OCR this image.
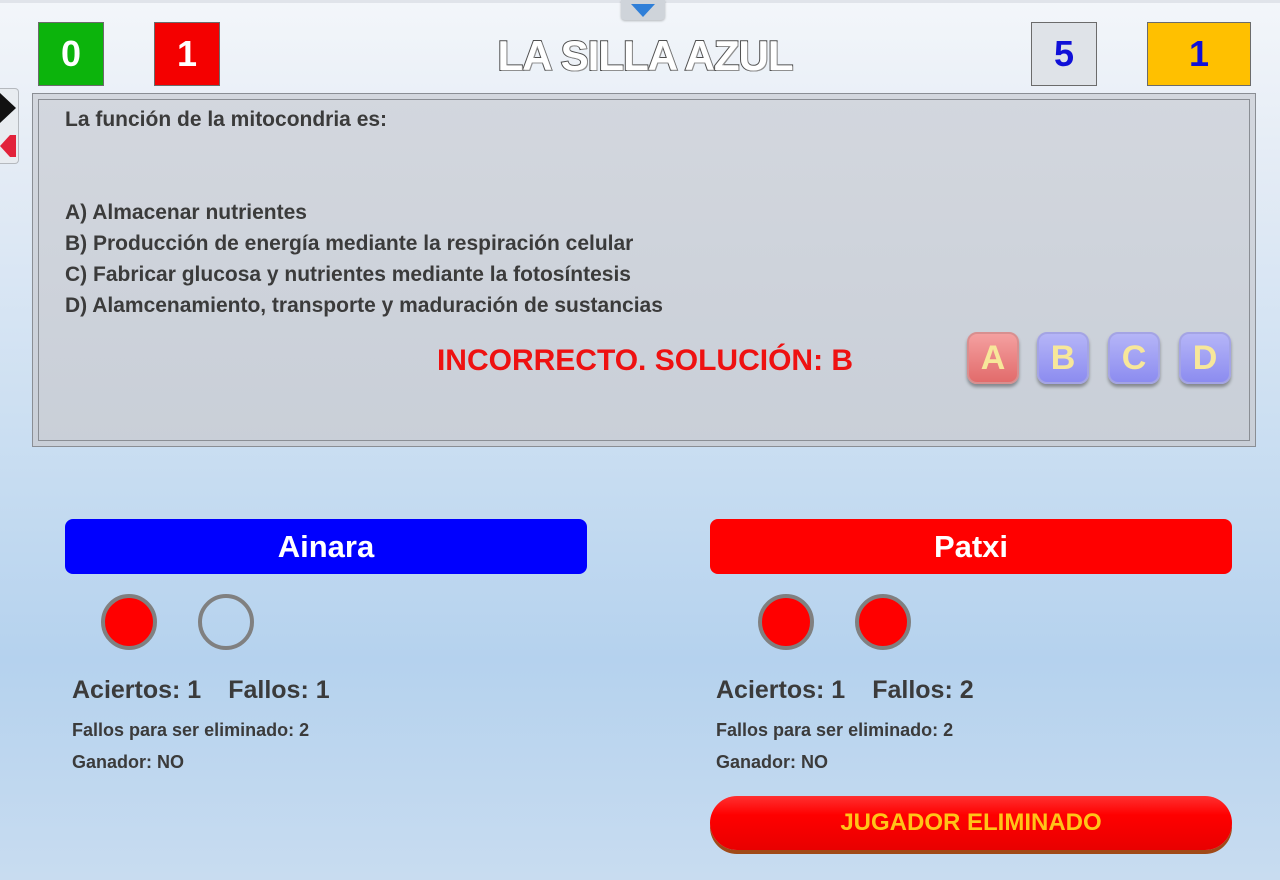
0	1	LA SILLA AZUL	5	1
La función de la mitocondria es:
A) Almacenar nutrientes
B) Producción de energía mediante la respiración celular
C) Fabricar glucosa y nutrientes mediante la fotosíntesis
D) Alamcenamiento, transporte y maduración de sustancias
INCORRECTO. SOLUCIÓN: B	A	B	C	D
Ainara
Aciertos: 1 Fallos: 1
Fallos para ser eliminado: 2
Ganador: NO
Patxi
Aciertos: 1 Fallos: 2
Fallos para ser eliminado: 2
Ganador: NO
JUGADOR ELIMINADO
